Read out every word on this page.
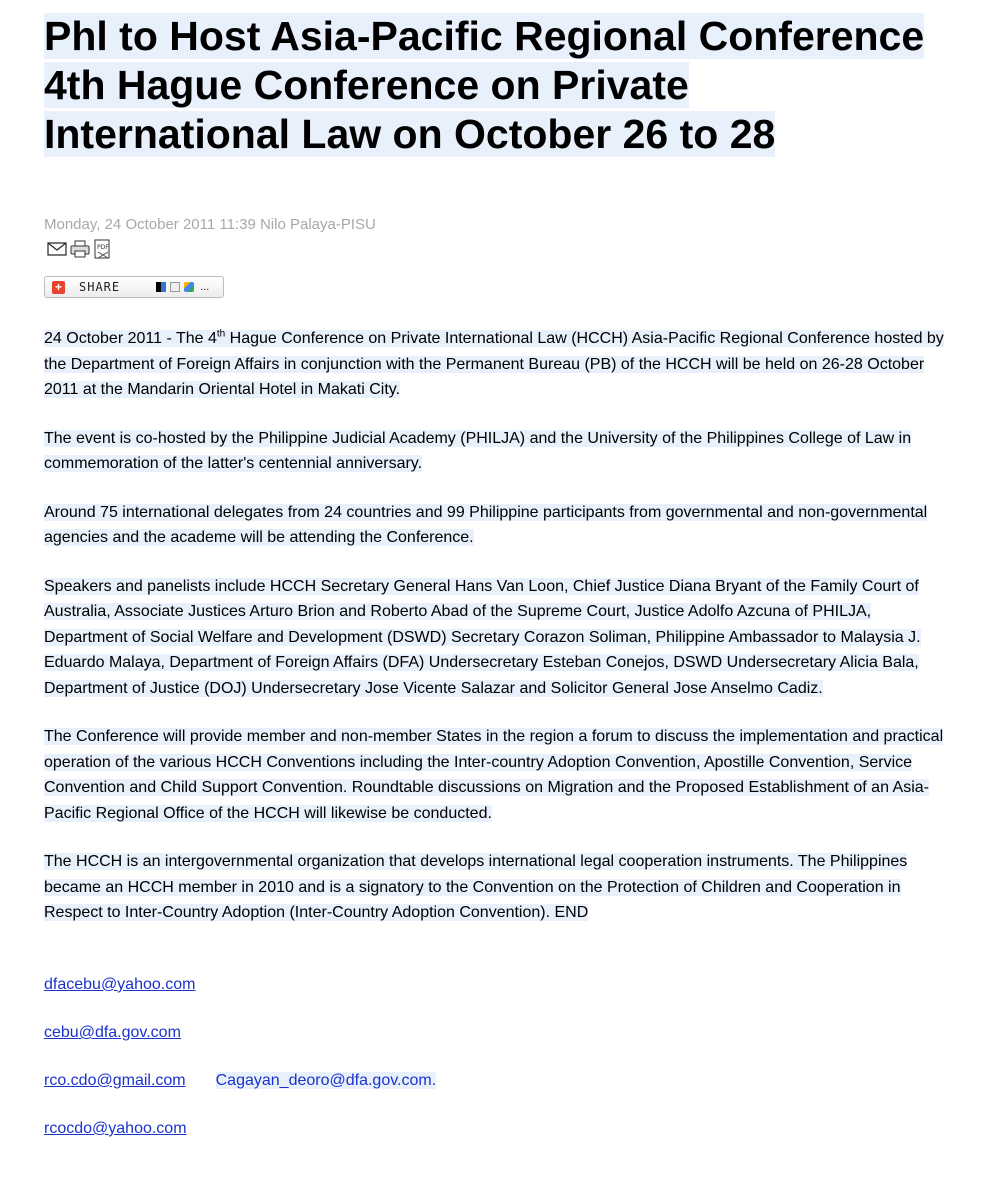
Phl to Host Asia-Pacific Regional Conference 4th Hague Conference on Private International Law on October 26 to 28
Monday, 24 October 2011 11:39 Nilo Palaya-PISU
PDF
+ SHARE	...

24 October 2011 - The 4th Hague Conference on Private International Law (HCCH) Asia-Pacific Regional Conference hosted by the Department of Foreign Affairs in conjunction with the Permanent Bureau (PB) of the HCCH will be held on 26-28 October 2011 at the Mandarin Oriental Hotel in Makati City.

The event is co-hosted by the Philippine Judicial Academy (PHILJA) and the University of the Philippines College of Law in commemoration of the latter's centennial anniversary.

Around 75 international delegates from 24 countries and 99 Philippine participants from governmental and non-governmental agencies and the academe will be attending the Conference.

Speakers and panelists include HCCH Secretary General Hans Van Loon, Chief Justice Diana Bryant of the Family Court of Australia, Associate Justices Arturo Brion and Roberto Abad of the Supreme Court, Justice Adolfo Azcuna of PHILJA, Department of Social Welfare and Development (DSWD) Secretary Corazon Soliman, Philippine Ambassador to Malaysia J. Eduardo Malaya, Department of Foreign Affairs (DFA) Undersecretary Esteban Conejos, DSWD Undersecretary Alicia Bala, Department of Justice (DOJ) Undersecretary Jose Vicente Salazar and Solicitor General Jose Anselmo Cadiz.

The Conference will provide member and non-member States in the region a forum to discuss the implementation and practical operation of the various HCCH Conventions including the Inter-country Adoption Convention, Apostille Convention, Service Convention and Child Support Convention. Roundtable discussions on Migration and the Proposed Establishment of an Asia-Pacific Regional Office of the HCCH will likewise be conducted.

The HCCH is an intergovernmental organization that develops international legal cooperation instruments. The Philippines became an HCCH member in 2010 and is a signatory to the Convention on the Protection of Children and Cooperation in Respect to Inter-Country Adoption (Inter-Country Adoption Convention). END

dfacebu@yahoo.com
cebu@dfa.gov.com
rco.cdo@gmail.com Cagayan_deoro@dfa.gov.com.
rcocdo@yahoo.com
